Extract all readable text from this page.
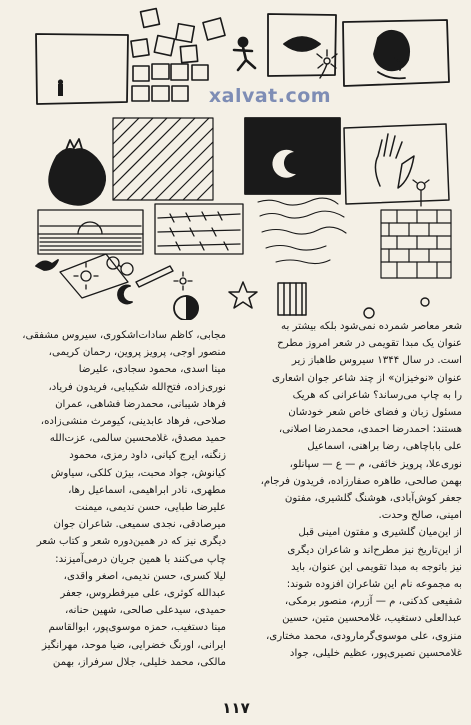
xalvat.com
شعر معاصر شمرده نمی‌شود بلکه بیشتر به
عنوان یک مبدا تقویمی در شعر امروز مطرح
است. در سال ۱۳۴۴ سیروس طاهباز زیر
عنوان «نوخیزان» از چند شاعر جوان اشعاری
را به چاپ می‌رساند؟ شاعرانی که هریک
مسئول زبان و فضای خاص شعر خودشان
هستند: احمدرضا احمدی، محمدرضا اصلانی،
علی باباچاهی، رضا براهنی، اسماعیل
نوری‌علا، پرویز خائفی، م — ع — سپانلو،
بهمن صالحی، طاهره صفارزاده، فریدون فرجام،
جعفر کوش‌آبادی، هوشنگ گلشیری، مفتون
امینی، صالح وحدت.
از این‌میان گلشیری و مفتون امینی قبل
از این‌تاریخ نیز مطرح‌اند و شاعران دیگری
نیز باتوجه به مبدا تقویمی این عنوان، باید
به مجموعه نام این شاعران افزوده شوند:
شفیعی کدکنی، م — آزرم، منصور برمکی،
عبدالعلی دستغیب، غلامحسین متین، حسین
منزوی، علی موسوی‌گرمارودی، محمد مختاری،
غلامحسین نصیری‌پور، عظیم خلیلی، جواد
مجابی، کاظم سادات‌اشکوری، سیروس مشفقی،
منصور اوجی، پرویز پروین، رحمان کریمی،
مینا اسدی، محمود سجادی، علیرضا
نوری‌زاده، فتح‌الله شکیبایی، فریدون فریاد،
فرهاد شیبانی، محمدرضا فشاهی، عمران
صلاحی، فرهاد عابدینی، کیومرث منشی‌زاده،
حمید مصدق، غلامحسین سالمی، عزت‌الله
زنگنه، ایرج کیانی، داود رمزی، محمود
کیانوش، جواد محبت، بیژن کلکی، سیاوش
مطهری، نادر ابراهیمی، اسماعیل رها،
علیرضا طبایی، حسن ندیمی، میمنت
میرصادقی، نجدی سمیعی. شاعران جوان
دیگری نیز که در همین‌دوره شعر و کتاب شعر
چاپ می‌کنند با همین جریان درمی‌آمیزند:
لیلا کسری، حسن ندیمی، اصغر واقدی،
عبدالله کوثری، علی میرفطروس، جعفر
حمیدی، سیدعلی صالحی، شهین حنانه،
مینا دستغیب، حمزه موسوی‌پور، ابوالقاسم
ایرانی، اورنگ خضرایی، ضیا موحد، مهرانگیز
مالکی، محمد خلیلی، جلال سرفراز، بهمن
۱۱۷
